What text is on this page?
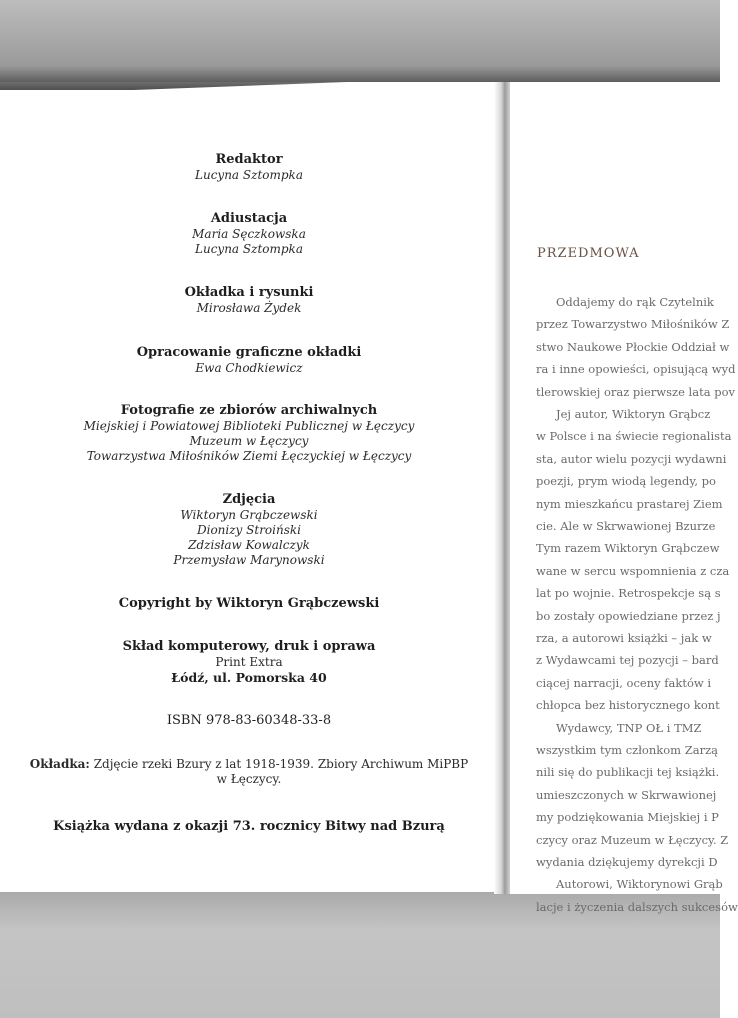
Redaktor
Lucyna Sztompka
Adiustacja
Maria Sęczkowska
Lucyna Sztompka
Okładka i rysunki
Mirosława Żydek
Opracowanie graficzne okładki
Ewa Chodkiewicz
Fotografie ze zbiorów archiwalnych
Miejskiej i Powiatowej Biblioteki Publicznej w Łęczycy
Muzeum w Łęczycy
Towarzystwa Miłośników Ziemi Łęczyckiej w Łęczycy
Zdjęcia
Wiktoryn Grąbczewski
Dionizy Stroiński
Zdzisław Kowalczyk
Przemysław Marynowski
Copyright by Wiktoryn Grąbczewski
Skład komputerowy, druk i oprawa
Print Extra
Łódź, ul. Pomorska 40
ISBN 978-83-60348-33-8
Okładka: Zdjęcie rzeki Bzury z lat 1918-1939. Zbiory Archiwum MiPBP
w Łęczycy.
Książka wydana z okazji 73. rocznicy Bitwy nad Bzurą
Oddajemy do rąk Czytelnik
przez Towarzystwo Miłośników Z
stwo Naukowe Płockie Oddział w
ra i inne opowieści, opisującą wyd
tlerowskiej oraz pierwsze lata pov
Jej autor, Wiktoryn Grąbcz
w Polsce i na świecie regionalista
sta, autor wielu pozycji wydawni
poezji, prym wiodą legendy, po
nym mieszkańcu prastarej Ziem
cie. Ale w Skrwawionej Bzurze
Tym razem Wiktoryn Grąbczew
wane w sercu wspomnienia z cza
lat po wojnie. Retrospekcje są s
bo zostały opowiedziane przez j
rza, a autorowi książki – jak w
z Wydawcami tej pozycji – bard
ciącej narracji, oceny faktów i
chłopca bez historycznego kont
Wydawcy, TNP OŁ i TMZ
wszystkim tym członkom Zarzą
nili się do publikacji tej książki.
umieszczonych w Skrwawionej
my podziękowania Miejskiej i P
czycy oraz Muzeum w Łęczycy. Z
wydania dziękujemy dyrekcji D
Autorowi, Wiktorynowi Grąb
lacje i życzenia dalszych sukcesów
PRZEDMOWA
